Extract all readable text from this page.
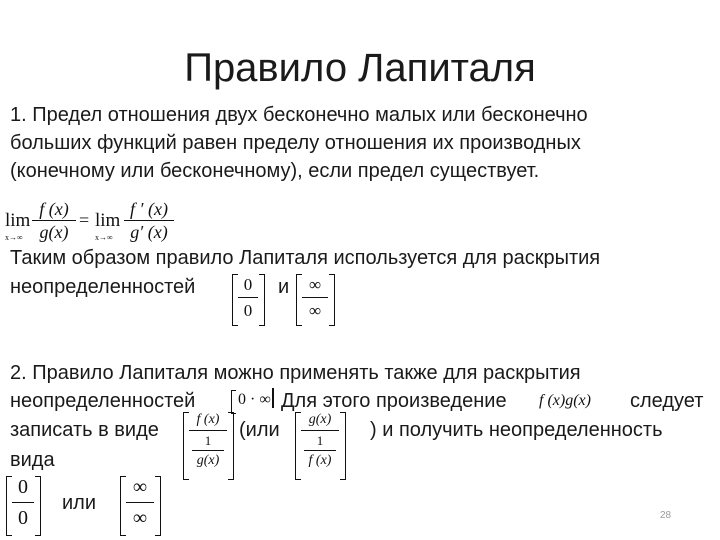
Правило Лапиталя
1. Предел отношения двух бесконечно малых или бесконечно
больших функций равен пределу отношения их производных
(конечному или бесконечному), если предел существует.
lim
x→∞
f (x)
g(x)
= lim
x→∞
f ′ (x)
g′ (x)
Таким образом правило Лапиталя используется для раскрытия
неопределенностей	0
0
и	∞
∞
2. Правило Лапиталя можно применять также для раскрытия
неопределенностей	0 · ∞ Для этого произведение f (x)g(x) следует
записать в виде	f (x)
1
g(x)
(или	g(x)
1
f (x)
) и получить неопределенность
вида
0
0
или
∞
∞	28
